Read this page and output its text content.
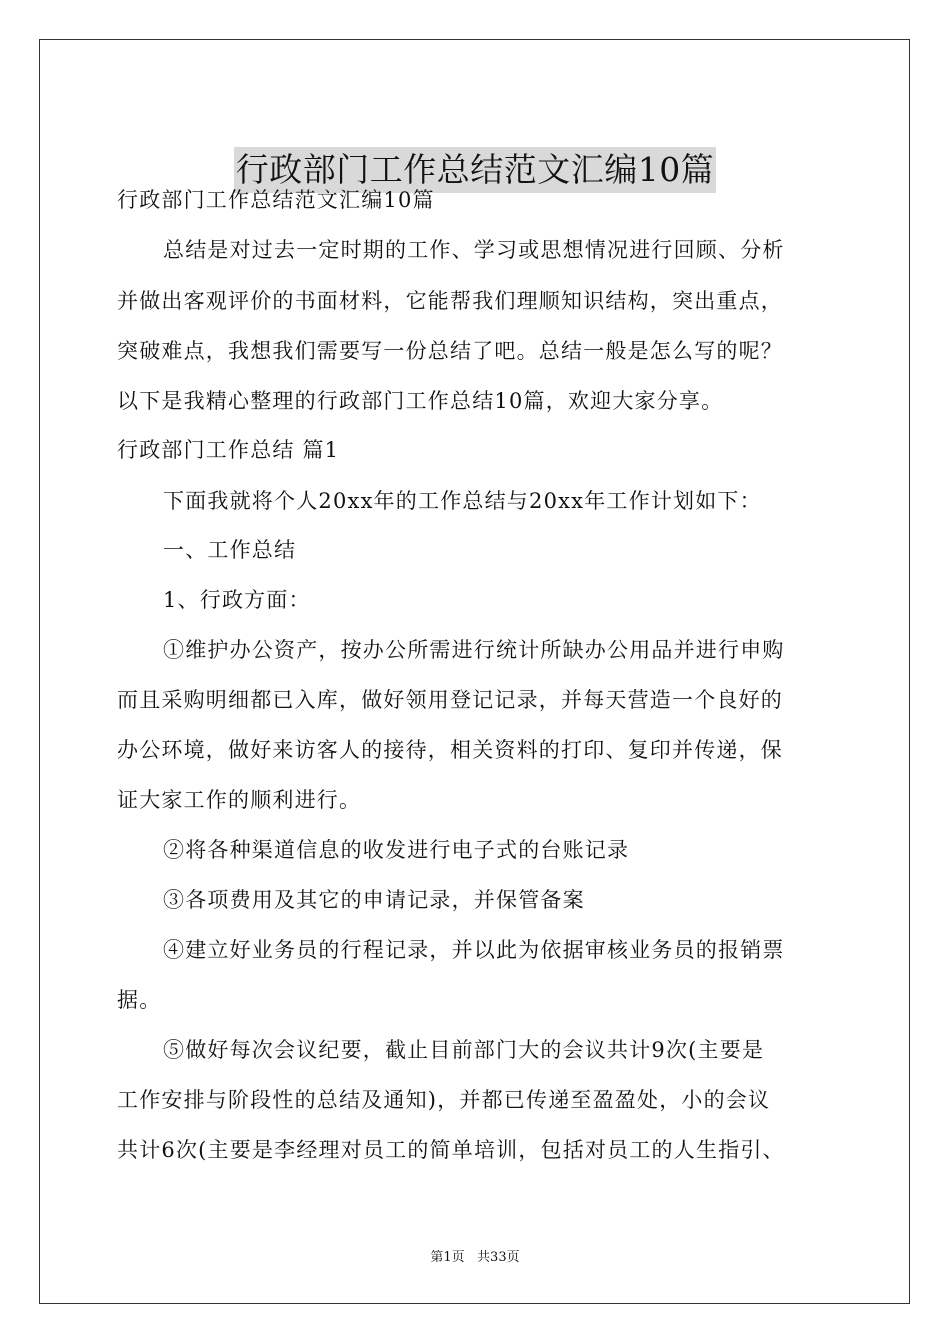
行政部门工作总结范文汇编10篇
行政部门工作总结范文汇编10篇
总结是对过去一定时期的工作、学习或思想情况进行回顾、分析
并做出客观评价的书面材料，它能帮我们理顺知识结构，突出重点，
突破难点，我想我们需要写一份总结了吧。总结一般是怎么写的呢？
以下是我精心整理的行政部门工作总结10篇，欢迎大家分享。
行政部门工作总结 篇1
下面我就将个人20xx年的工作总结与20xx年工作计划如下：
一、工作总结
1、行政方面：
①维护办公资产，按办公所需进行统计所缺办公用品并进行申购
而且采购明细都已入库，做好领用登记记录，并每天营造一个良好的
办公环境，做好来访客人的接待，相关资料的打印、复印并传递，保
证大家工作的顺利进行。
②将各种渠道信息的收发进行电子式的台账记录
③各项费用及其它的申请记录，并保管备案
④建立好业务员的行程记录，并以此为依据审核业务员的报销票
据。
⑤做好每次会议纪要，截止目前部门大的会议共计9次(主要是
工作安排与阶段性的总结及通知)，并都已传递至盈盈处，小的会议
共计6次(主要是李经理对员工的简单培训，包括对员工的人生指引、
第1页   共33页
